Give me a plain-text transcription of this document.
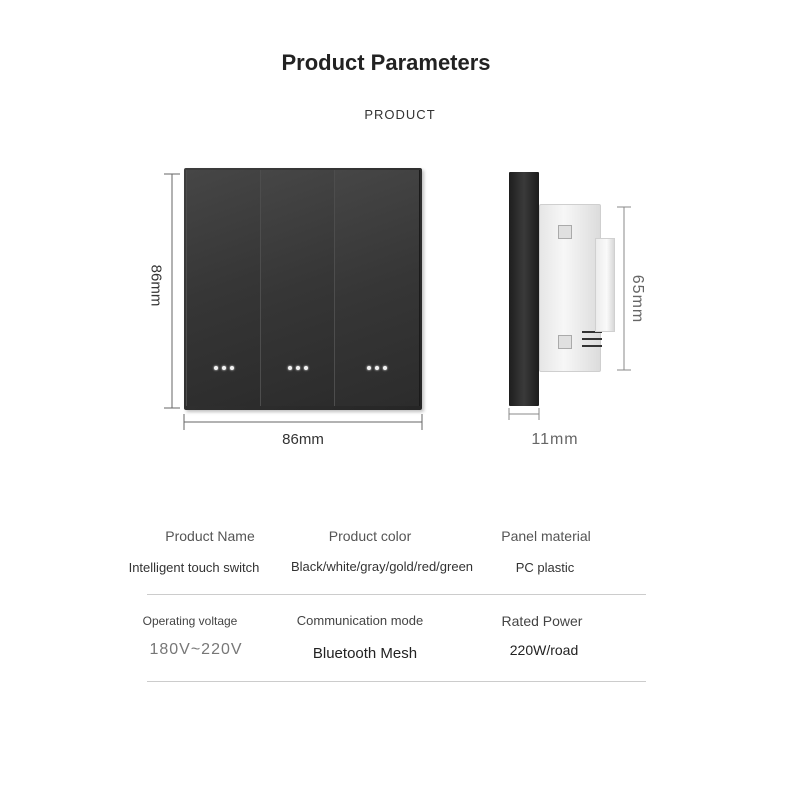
Product Parameters
PRODUCT
86mm
86mm	11mm
65mm
Product Name	Product color	Panel material
Intelligent touch switch	Black/white/gray/gold/red/green	PC plastic
Operating voltage	Communication mode	Rated Power
180V~220V	Bluetooth Mesh	220W/road
